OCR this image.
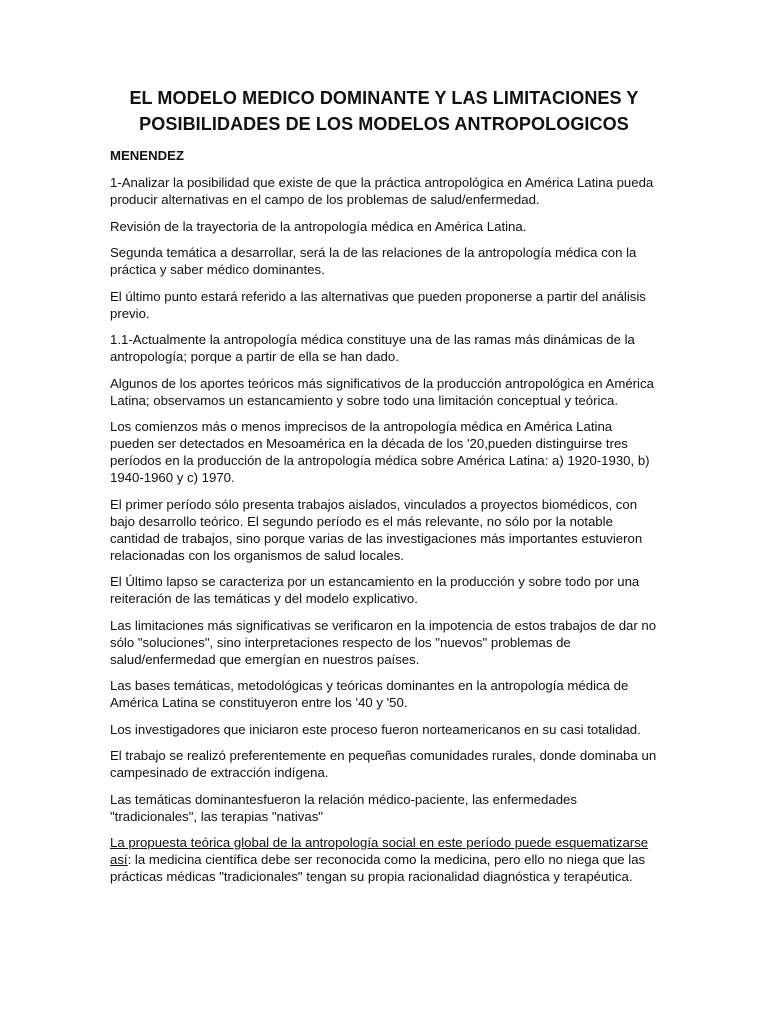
EL MODELO MEDICO DOMINANTE Y LAS LIMITACIONES Y
POSIBILIDADES DE LOS MODELOS ANTROPOLOGICOS
MENENDEZ
1-Analizar la posibilidad que existe de que la práctica antropológica en América Latina pueda producir alternativas en el campo de los problemas de salud/enfermedad.
Revisión de la trayectoria de la antropología médica en América Latina.
Segunda temática a desarrollar, será la de las relaciones de la antropología médica con la práctica y saber médico dominantes.
El último punto estará referido a las alternativas que pueden proponerse a partir del análisis previo.
1.1-Actualmente la antropología médica constituye una de las ramas más dinámicas de la antropología; porque a partir de ella se han dado.
Algunos de los aportes teóricos más significativos de la producción antropológica en América Latina; observamos un estancamiento y sobre todo una limitación conceptual y teórica.
Los comienzos más o menos imprecisos de la antropología médica en América Latina pueden ser detectados en Mesoamérica en la década de los '20,pueden distinguirse tres períodos en la producción de la antropología médica sobre América Latina: a) 1920-1930, b) 1940-1960 y c) 1970.
El primer período sólo presenta trabajos aislados, vinculados a proyectos biomédicos, con bajo desarrollo teórico. El segundo período es el más relevante, no sólo por la notable cantidad de trabajos, sino porque varias de las investigaciones más importantes estuvieron relacionadas con los organismos de salud locales.
El Último lapso se caracteriza por un estancamiento en la producción y sobre todo por una reiteración de las temáticas y del modelo explicativo.
Las limitaciones más significativas se verificaron en la impotencia de estos trabajos de dar no sólo "soluciones", sino interpretaciones respecto de los "nuevos" problemas de salud/enfermedad que emergían en nuestros países.
Las bases temáticas, metodológicas y teóricas dominantes en la antropología médica de América Latina se constituyeron entre los '40 y '50.
Los investigadores que iniciaron este proceso fueron norteamericanos en su casi totalidad.
El trabajo se realizó preferentemente en pequeñas comunidades rurales, donde dominaba un campesinado de extracción indígena.
Las temáticas dominantesfueron la relación médico-paciente, las enfermedades "tradicionales", las terapias "nativas"
La propuesta teórica global de la antropología social en este período puede esquematizarse así: la medicina científica debe ser reconocida como la medicina, pero ello no niega que las prácticas médicas "tradicionales" tengan su propia racionalidad diagnóstica y terapéutica.
